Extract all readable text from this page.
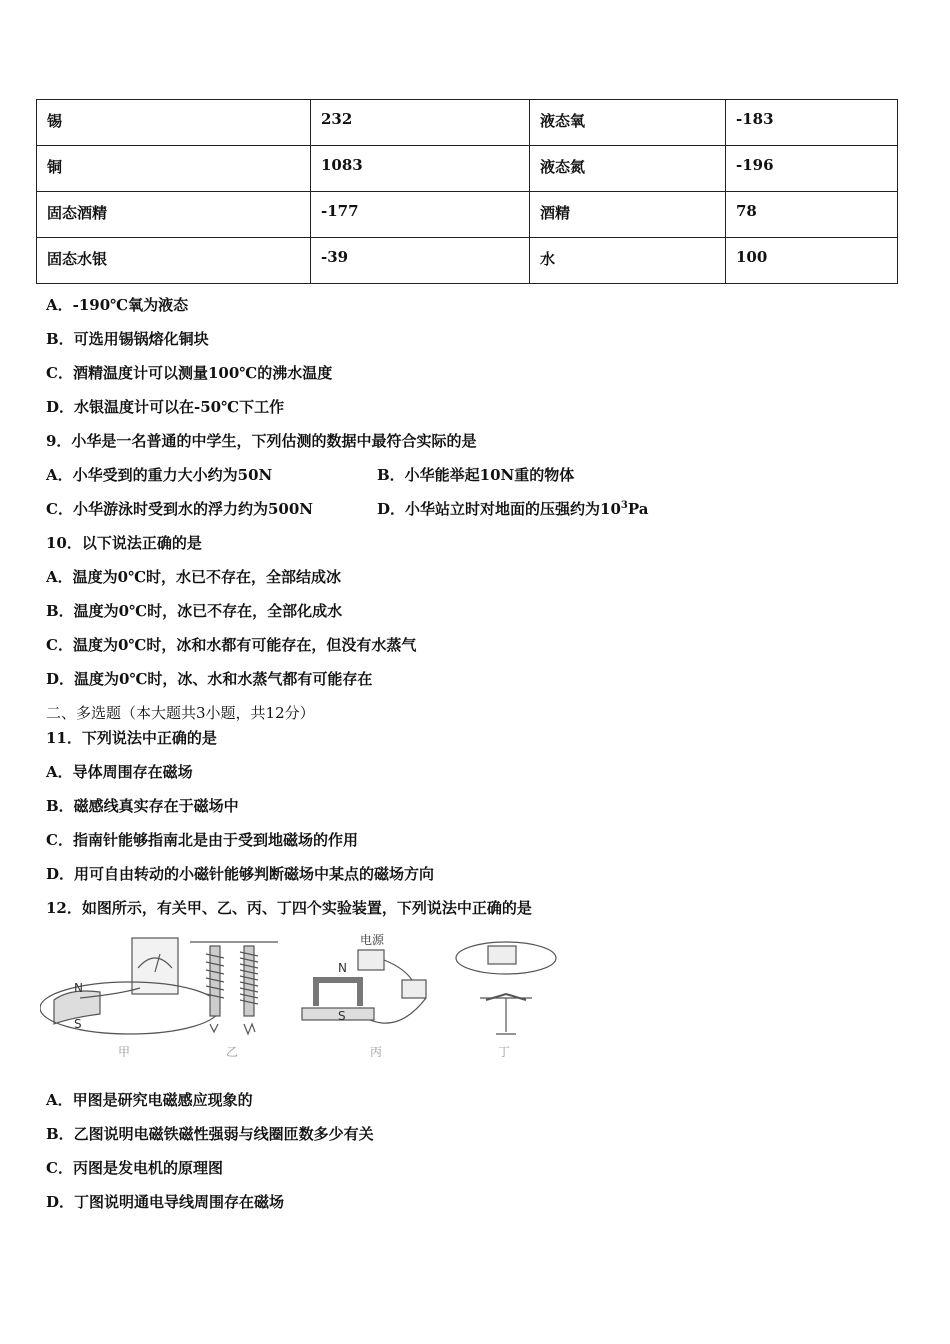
锡	232	液态氧	-183
铜	1083	液态氮	-196
固态酒精	-177	酒精	78
固态水银	-39	水	100
A．-190℃氧为液态
B．可选用锡锅熔化铜块
C．酒精温度计可以测量100℃的沸水温度
D．水银温度计可以在-50℃下工作
9．小华是一名普通的中学生，下列估测的数据中最符合实际的是
A．小华受到的重力大小约为50N	B．小华能举起10N重的物体
C．小华游泳时受到水的浮力约为500N	D．小华站立时对地面的压强约为$10^3Pa$
10．以下说法正确的是
A．温度为0℃时，水已不存在，全部结成冰
B．温度为0℃时，冰已不存在，全部化成水
C．温度为0℃时，冰和水都有可能存在，但没有水蒸气
D．温度为0℃时，冰、水和水蒸气都有可能存在
二、多选题（本大题共3小题，共12分）
11．下列说法中正确的是
A．导体周围存在磁场
B．磁感线真实存在于磁场中
C．指南针能够指南北是由于受到地磁场的作用
D．用可自由转动的小磁针能够判断磁场中某点的磁场方向
12．如图所示，有关甲、乙、丙、丁四个实验装置，下列说法中正确的是
N
S
电源
N
S
甲	乙	丙	丁
A．甲图是研究电磁感应现象的
B．乙图说明电磁铁磁性强弱与线圈匝数多少有关
C．丙图是发电机的原理图
D．丁图说明通电导线周围存在磁场
